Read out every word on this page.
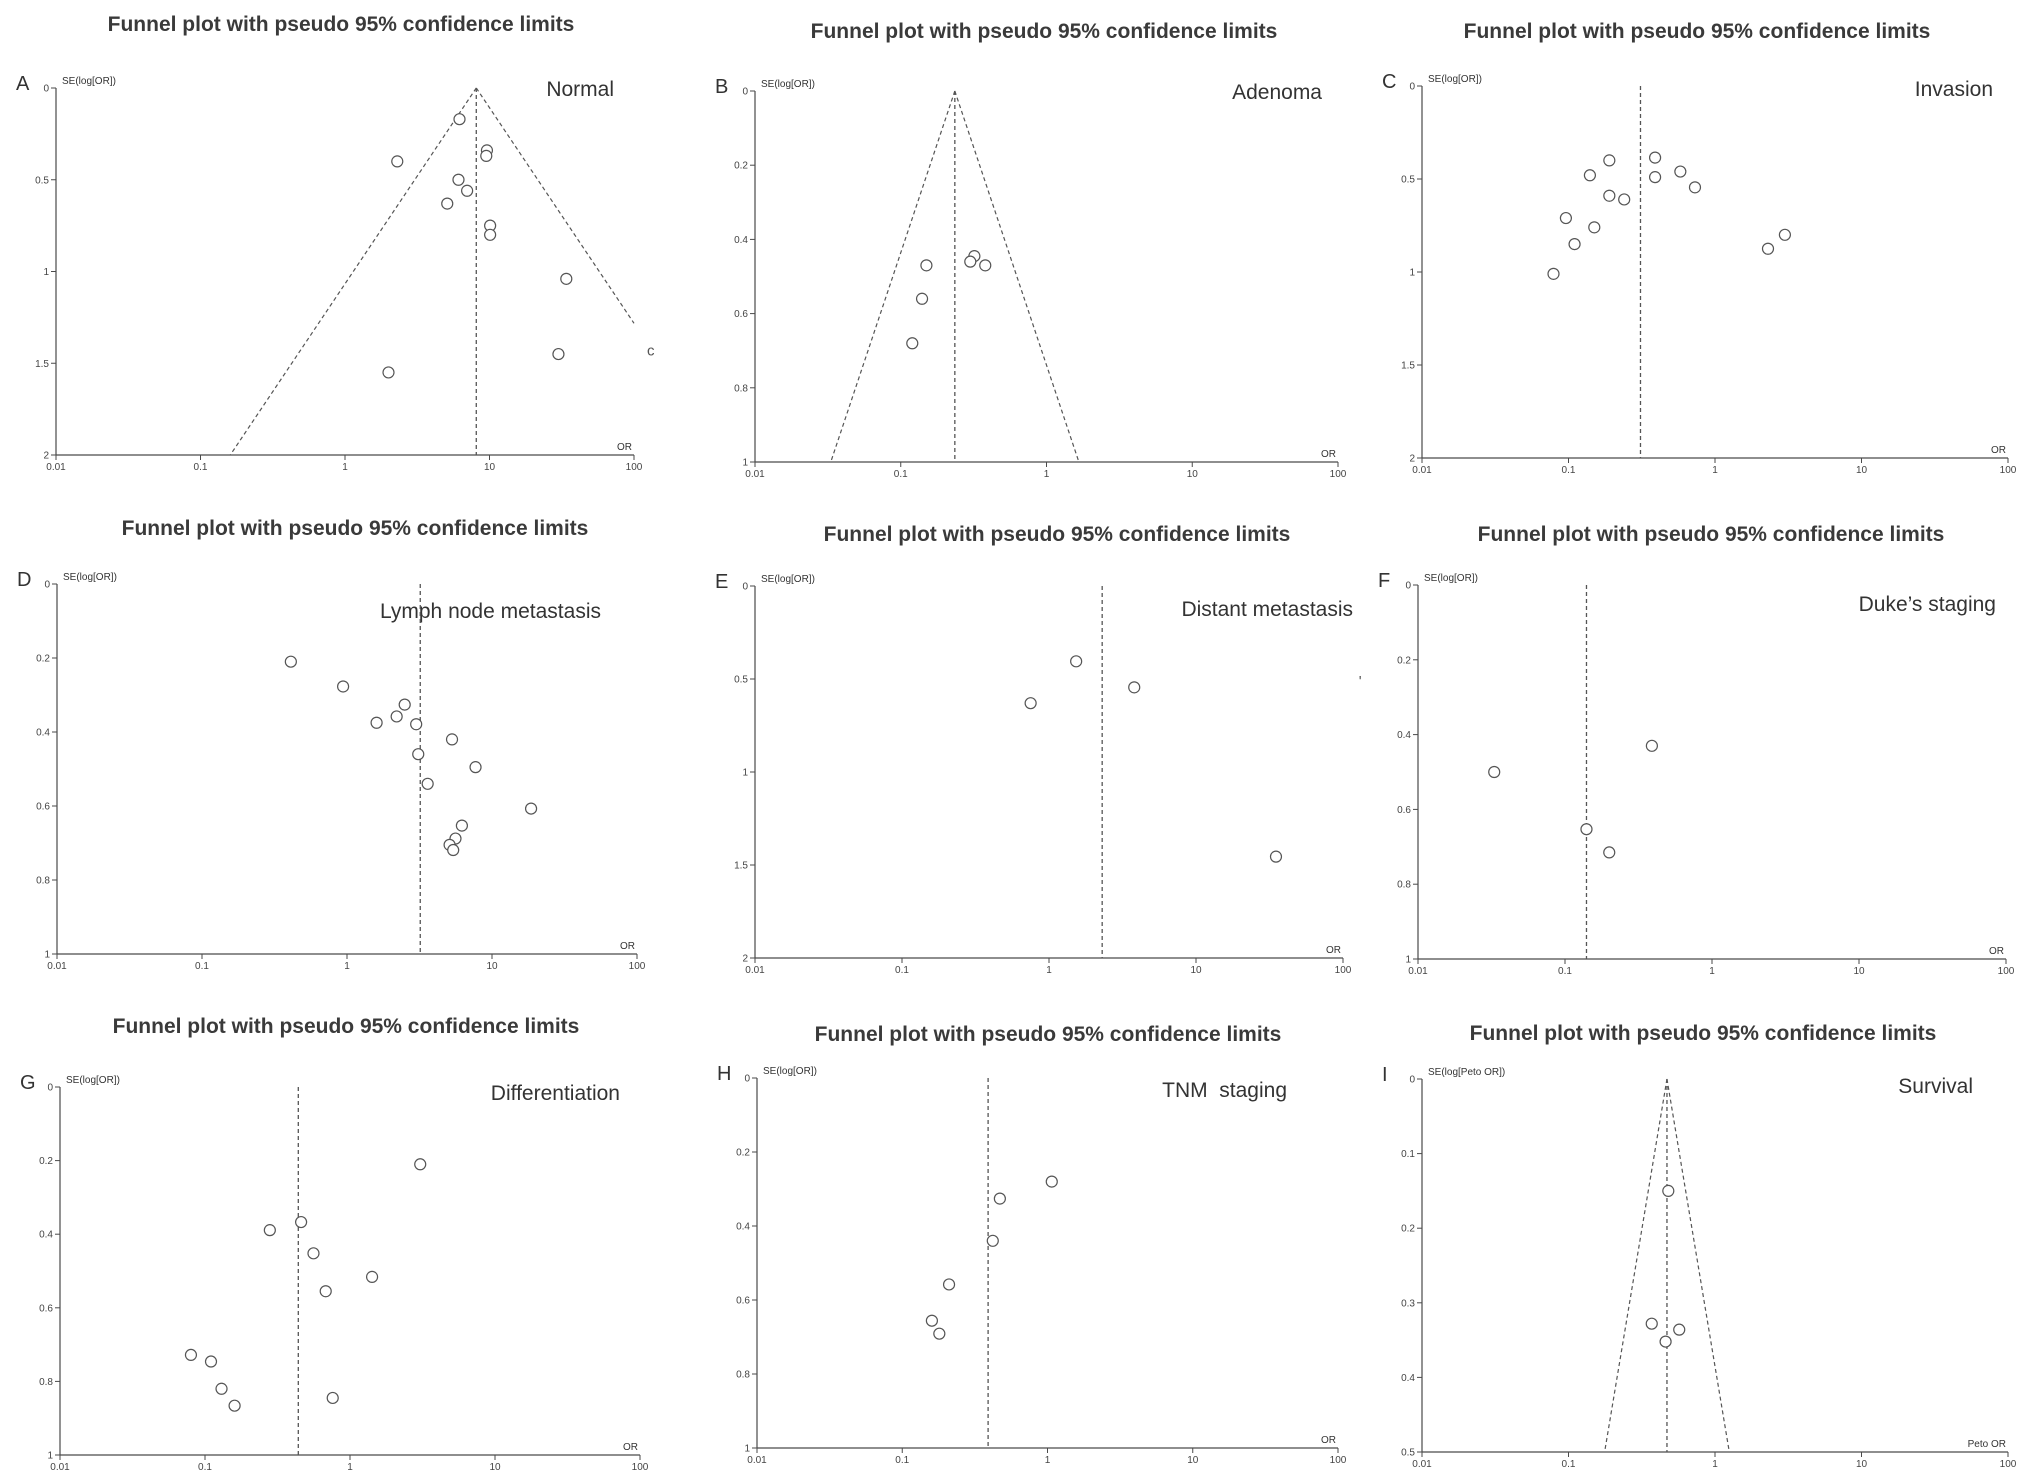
Funnel plot with pseudo 95% confidence limits
A	Normal
0
0.5
1
1.5
2
0.01	0.1	1	10	100
SE(log[OR])
OR
c
Funnel plot with pseudo 95% confidence limits
B	Adenoma
0
0.2
0.4
0.6
0.8
1
0.01	0.1	1	10	100
SE(log[OR])
OR
Funnel plot with pseudo 95% confidence limits
C	Invasion
0
0.5
1
1.5
2
0.01	0.1	1	10	100
SE(log[OR])
OR
Funnel plot with pseudo 95% confidence limits
D
Lymph node metastasis
0
0.2
0.4
0.6
0.8
1
0.01	0.1	1	10	100
SE(log[OR])
OR
Funnel plot with pseudo 95% confidence limits
E
Distant metastasis
0
0.5
1
1.5
2
0.01	0.1	1	10	100
SE(log[OR])
OR
'
Funnel plot with pseudo 95% confidence limits
F
Duke’s staging
0
0.2
0.4
0.6
0.8
1
0.01	0.1	1	10	100
SE(log[OR])
OR
Funnel plot with pseudo 95% confidence limits
G	Differentiation
0
0.2
0.4
0.6
0.8
1
0.01	0.1	1	10	100
SE(log[OR])
OR
Funnel plot with pseudo 95% confidence limits
H
TNM  staging
0
0.2
0.4
0.6
0.8
1
0.01	0.1	1	10	100
SE(log[OR])
OR
Funnel plot with pseudo 95% confidence limits
I	Survival
0
0.1
0.2
0.3
0.4
0.5
0.01	0.1	1	10	100
SE(log[Peto OR])
Peto OR
